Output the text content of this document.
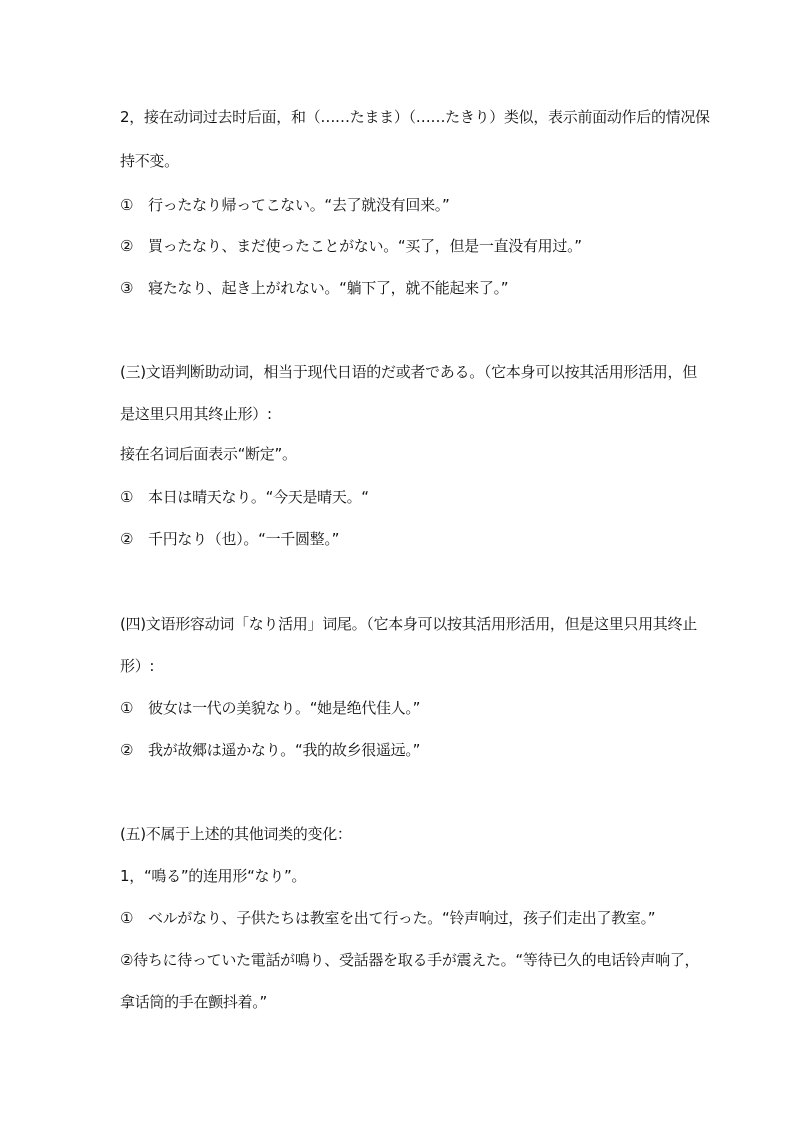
2，接在动词过去时后面，和（……たまま）（……たきり）类似，表示前面动作后的情况保
持不变。
① 行ったなり帰ってこない。“去了就没有回来。”
② 買ったなり、まだ使ったことがない。“买了，但是一直没有用过。”
③ 寝たなり、起き上がれない。“躺下了，就不能起来了。”
(三)文语判断助动词，相当于现代日语的だ或者である。（它本身可以按其活用形活用，但
是这里只用其终止形）:
接在名词后面表示“断定”。
① 本日は晴天なり。“今天是晴天。“
② 千円なり（也）。“一千圆整。”
(四)文语形容动词「なり活用」词尾。（它本身可以按其活用形活用，但是这里只用其终止
形）:
① 彼女は一代の美貌なり。“她是绝代佳人。”
② 我が故郷は遥かなり。“我的故乡很遥远。”
(五)不属于上述的其他词类的变化：
1，“鳴る”的连用形“なり”。
① ベルがなり、子供たちは教室を出て行った。“铃声响过，孩子们走出了教室。”
②待ちに待っていた電話が鳴り、受話器を取る手が震えた。“等待已久的电话铃声响了，
拿话筒的手在颤抖着。”
